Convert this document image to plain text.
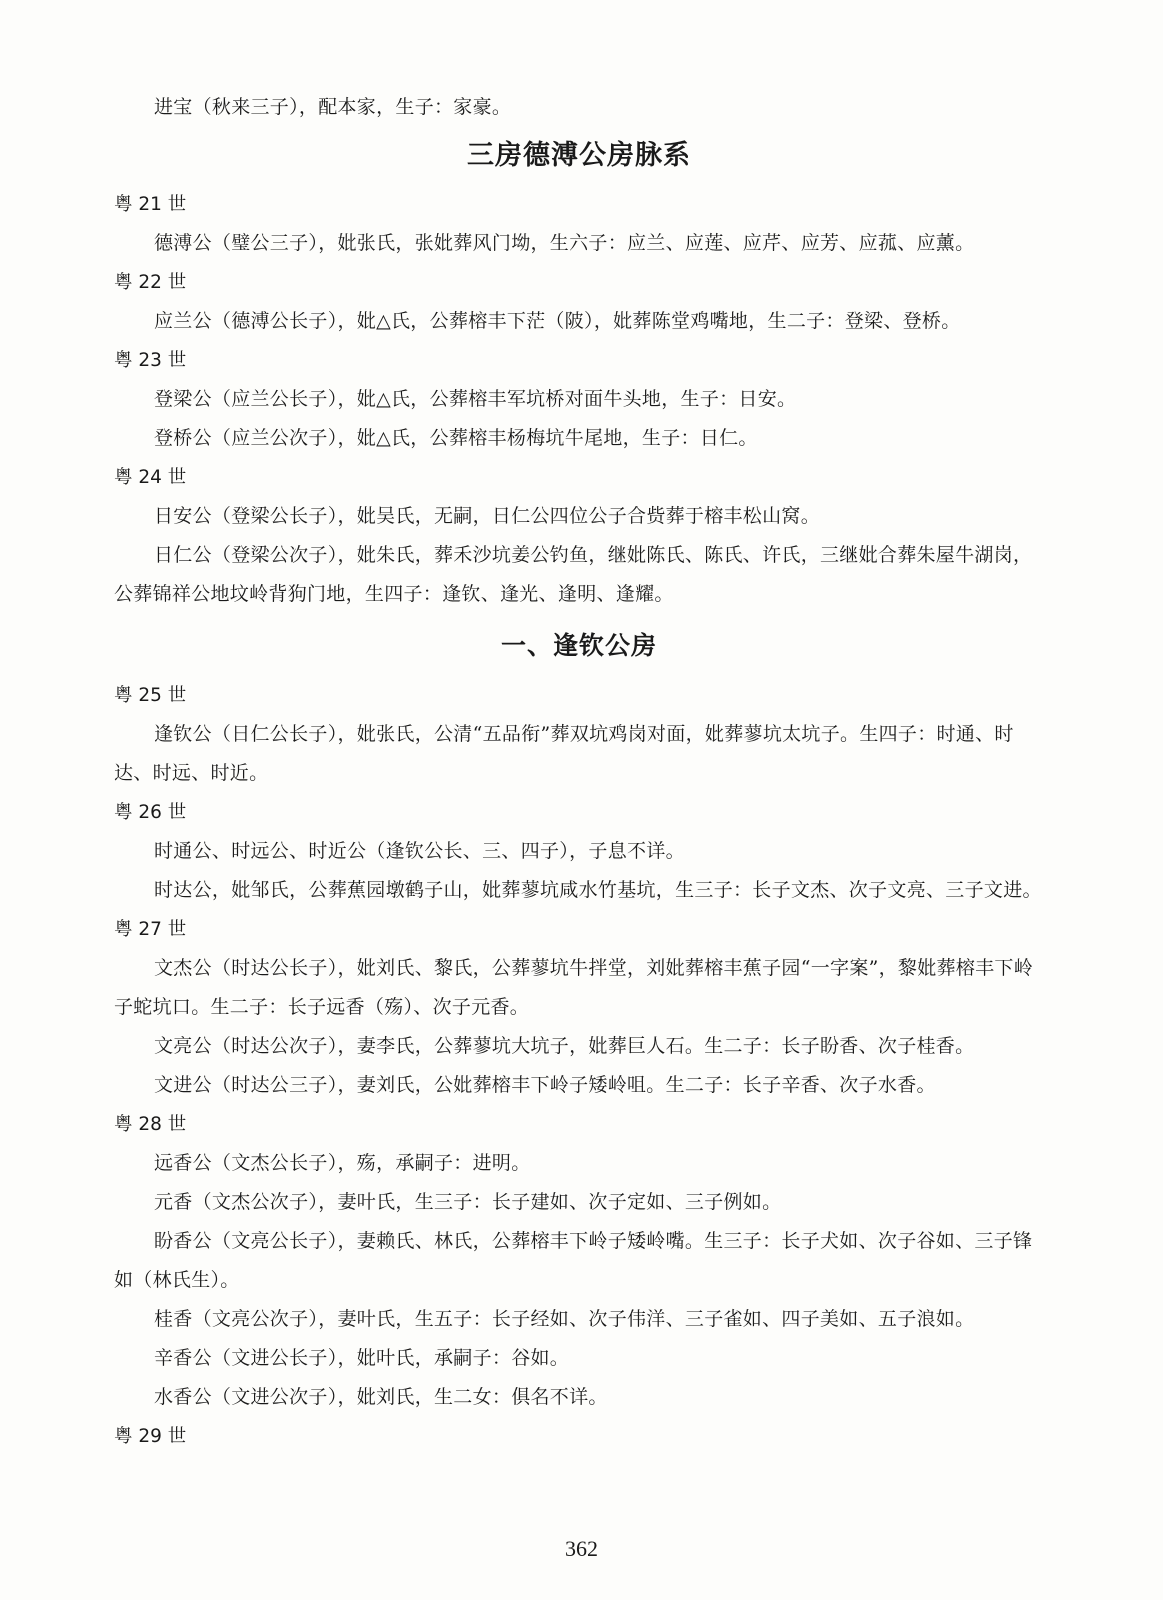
进宝（秋来三子），配本家，生子：家豪。

三房德溥公房脉系

粤 21 世

德溥公（璧公三子），妣张氏，张妣葬风门坳，生六子：应兰、应莲、应芹、应芳、应菰、应薰。

粤 22 世

应兰公（德溥公长子），妣△氏，公葬榕丰下茫（陂），妣葬陈堂鸡嘴地，生二子：登梁、登桥。

粤 23 世

登梁公（应兰公长子），妣△氏，公葬榕丰军坑桥对面牛头地，生子：日安。

登桥公（应兰公次子），妣△氏，公葬榕丰杨梅坑牛尾地，生子：日仁。

粤 24 世

日安公（登梁公长子），妣吴氏，无嗣，日仁公四位公子合赀葬于榕丰松山窝。

日仁公（登梁公次子），妣朱氏，葬禾沙坑姜公钓鱼，继妣陈氏、陈氏、许氏，三继妣合葬朱屋牛湖岗，公葬锦祥公地坟岭背狗门地，生四子：逢钦、逢光、逢明、逢耀。

一、逢钦公房

粤 25 世

逢钦公（日仁公长子），妣张氏，公清“五品衔”葬双坑鸡岗对面，妣葬蓼坑太坑子。生四子：时通、时达、时远、时近。

粤 26 世

时通公、时远公、时近公（逢钦公长、三、四子），子息不详。

时达公，妣邹氏，公葬蕉园墩鹤子山，妣葬蓼坑咸水竹基坑，生三子：长子文杰、次子文亮、三子文进。

粤 27 世

文杰公（时达公长子），妣刘氏、黎氏，公葬蓼坑牛拌堂，刘妣葬榕丰蕉子园“一字案”，黎妣葬榕丰下岭子蛇坑口。生二子：长子远香（殇）、次子元香。

文亮公（时达公次子），妻李氏，公葬蓼坑大坑子，妣葬巨人石。生二子：长子盼香、次子桂香。

文进公（时达公三子），妻刘氏，公妣葬榕丰下岭子矮岭咀。生二子：长子辛香、次子水香。

粤 28 世

远香公（文杰公长子），殇，承嗣子：进明。

元香（文杰公次子），妻叶氏，生三子：长子建如、次子定如、三子例如。

盼香公（文亮公长子），妻赖氏、林氏，公葬榕丰下岭子矮岭嘴。生三子：长子犬如、次子谷如、三子锋如（林氏生）。

桂香（文亮公次子），妻叶氏，生五子：长子经如、次子伟洋、三子雀如、四子美如、五子浪如。

辛香公（文进公长子），妣叶氏，承嗣子：谷如。

水香公（文进公次子），妣刘氏，生二女：俱名不详。

粤 29 世

362
